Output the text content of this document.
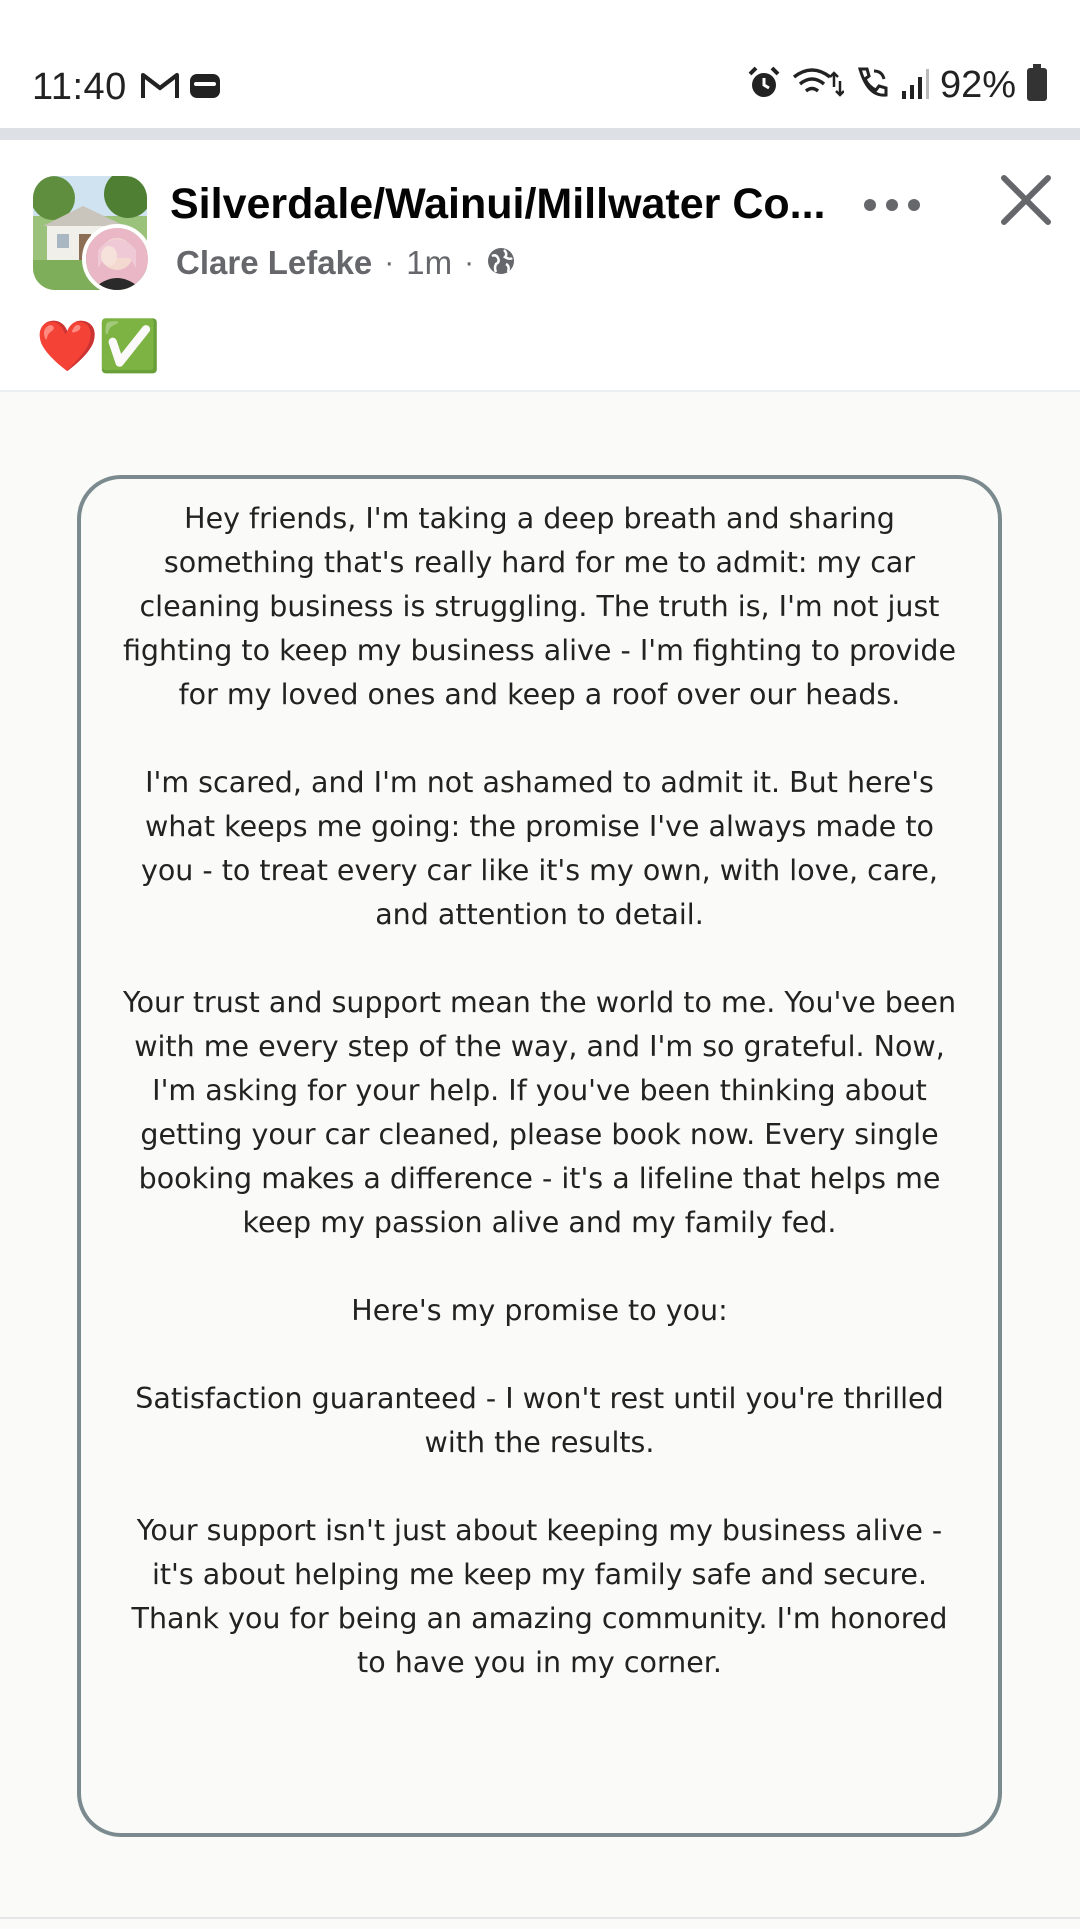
11:40	92%
Silverdale/Wainui/Millwater Co...
Clare Lefake · 1m ·
❤️✅

Hey friends, I'm taking a deep breath and sharing something that's really hard for me to admit: my car cleaning business is struggling. The truth is, I'm not just fighting to keep my business alive - I'm fighting to provide for my loved ones and keep a roof over our heads.

I'm scared, and I'm not ashamed to admit it. But here's what keeps me going: the promise I've always made to you - to treat every car like it's my own, with love, care, and attention to detail.

Your trust and support mean the world to me. You've been with me every step of the way, and I'm so grateful. Now, I'm asking for your help. If you've been thinking about getting your car cleaned, please book now. Every single booking makes a difference - it's a lifeline that helps me keep my passion alive and my family fed.

Here's my promise to you:

Satisfaction guaranteed - I won't rest until you're thrilled with the results.

Your support isn't just about keeping my business alive - it's about helping me keep my family safe and secure. Thank you for being an amazing community. I'm honored to have you in my corner.
